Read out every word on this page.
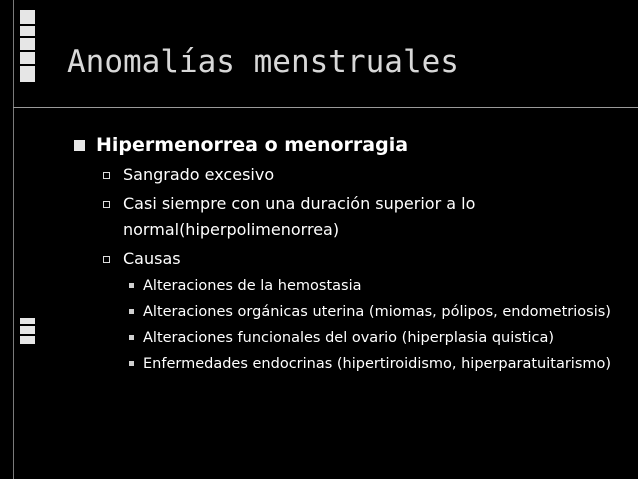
Anomalías menstruales

Hipermenorrea o menorragia

Sangrado excesivo

Casi siempre con una duración superior a lo normal(hiperpolimenorrea)

Causas

Alteraciones de la hemostasia

Alteraciones orgánicas uterina (miomas, pólipos, endometriosis)

Alteraciones funcionales del ovario (hiperplasia quistica)

Enfermedades endocrinas (hipertiroidismo, hiperparatuitarismo)
